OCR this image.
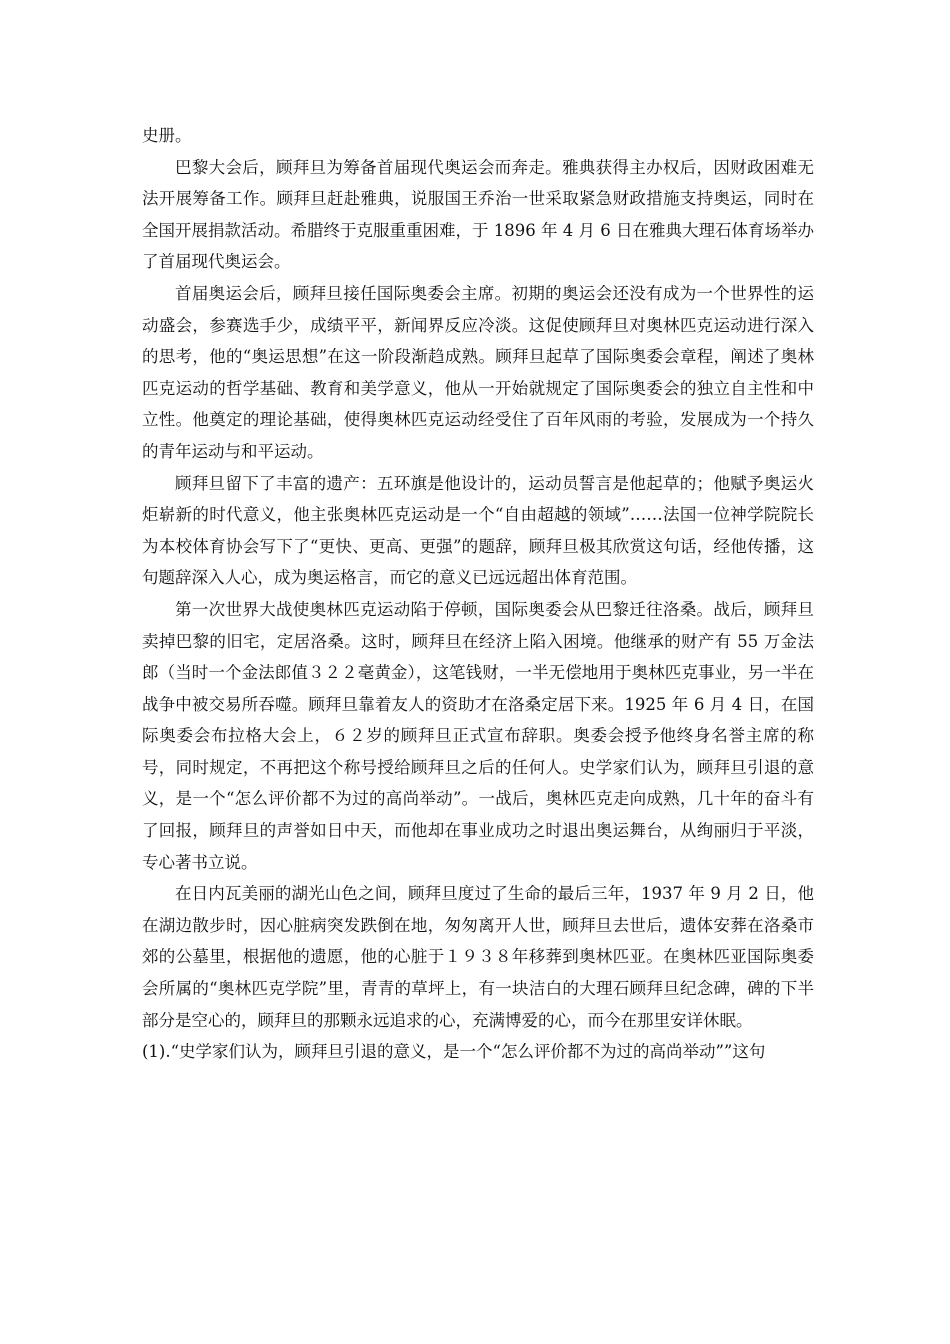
史册。

巴黎大会后，顾拜旦为筹备首届现代奥运会而奔走。雅典获得主办权后，因财政困难无法开展筹备工作。顾拜旦赶赴雅典，说服国王乔治一世采取紧急财政措施支持奥运，同时在全国开展捐款活动。希腊终于克服重重困难，于 1896 年 4 月 6 日在雅典大理石体育场举办了首届现代奥运会。

首届奥运会后，顾拜旦接任国际奥委会主席。初期的奥运会还没有成为一个世界性的运动盛会，参赛选手少，成绩平平，新闻界反应冷淡。这促使顾拜旦对奥林匹克运动进行深入的思考，他的“奥运思想”在这一阶段渐趋成熟。顾拜旦起草了国际奥委会章程，阐述了奥林匹克运动的哲学基础、教育和美学意义，他从一开始就规定了国际奥委会的独立自主性和中立性。他奠定的理论基础，使得奥林匹克运动经受住了百年风雨的考验，发展成为一个持久的青年运动与和平运动。

顾拜旦留下了丰富的遗产：五环旗是他设计的，运动员誓言是他起草的；他赋予奥运火炬崭新的时代意义，他主张奥林匹克运动是一个“自由超越的领域”……法国一位神学院院长为本校体育协会写下了“更快、更高、更强”的题辞，顾拜旦极其欣赏这句话，经他传播，这句题辞深入人心，成为奥运格言，而它的意义已远远超出体育范围。

第一次世界大战使奥林匹克运动陷于停顿，国际奥委会从巴黎迁往洛桑。战后，顾拜旦卖掉巴黎的旧宅，定居洛桑。这时，顾拜旦在经济上陷入困境。他继承的财产有 55 万金法郎（当时一个金法郎值３２２毫黄金），这笔钱财，一半无偿地用于奥林匹克事业，另一半在战争中被交易所吞噬。顾拜旦靠着友人的资助才在洛桑定居下来。1925 年 6 月 4 日，在国际奥委会布拉格大会上，６２岁的顾拜旦正式宣布辞职。奥委会授予他终身名誉主席的称号，同时规定，不再把这个称号授给顾拜旦之后的任何人。史学家们认为，顾拜旦引退的意义，是一个“怎么评价都不为过的高尚举动”。一战后，奥林匹克走向成熟，几十年的奋斗有了回报，顾拜旦的声誉如日中天，而他却在事业成功之时退出奥运舞台，从绚丽归于平淡，专心著书立说。

在日内瓦美丽的湖光山色之间，顾拜旦度过了生命的最后三年，1937 年 9 月 2 日，他在湖边散步时，因心脏病突发跌倒在地，匆匆离开人世，顾拜旦去世后，遗体安葬在洛桑市郊的公墓里，根据他的遗愿，他的心脏于１９３８年移葬到奥林匹亚。在奥林匹亚国际奥委会所属的“奥林匹克学院”里，青青的草坪上，有一块洁白的大理石顾拜旦纪念碑，碑的下半部分是空心的，顾拜旦的那颗永远追求的心，充满博爱的心，而今在那里安详休眠。

(1).“史学家们认为，顾拜旦引退的意义，是一个“怎么评价都不为过的高尚举动””这句
